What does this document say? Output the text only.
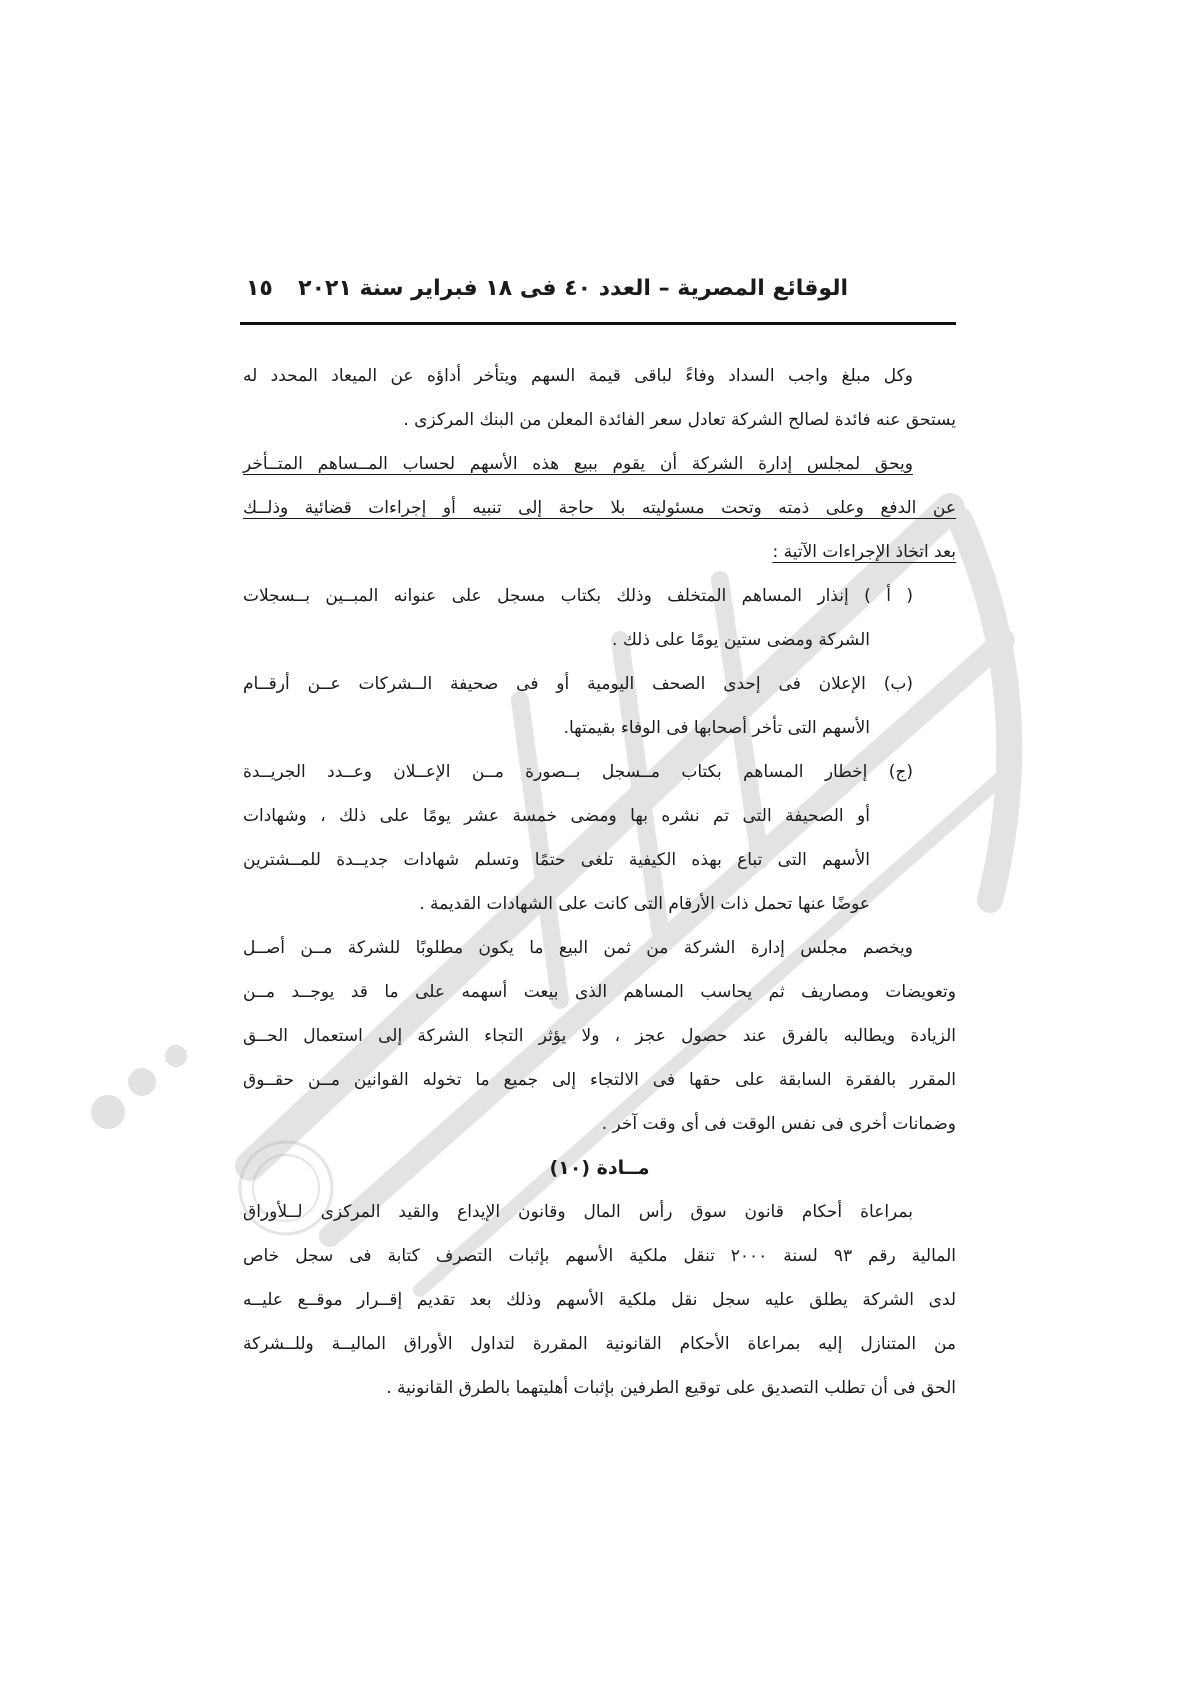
الوقائع المصرية – العدد ٤٠ فى ١٨ فبراير سنة ٢٠٢١
١٥
وكل مبلغ واجب السداد وفاءً لباقى قيمة السهم ويتأخر أداؤه عن الميعاد المحدد له
يستحق عنه فائدة لصالح الشركة تعادل سعر الفائدة المعلن من البنك المركزى .
ويحق لمجلس إدارة الشركة أن يقوم ببيع هذه الأسهم لحساب المــساهم المتــأخر
عن الدفع وعلى ذمته وتحت مسئوليته بلا حاجة إلى تنبيه أو إجراءات قضائية وذلــك
بعد اتخاذ الإجراءات الآتية :
( أ ) إنذار المساهم المتخلف وذلك بكتاب مسجل على عنوانه المبــين بــسجلات
الشركة ومضى ستين يومًا على ذلك .
(ب) الإعلان فى إحدى الصحف اليومية أو فى صحيفة الــشركات عــن أرقــام
الأسهم التى تأخر أصحابها فى الوفاء بقيمتها.
(ج) إخطار المساهم بكتاب مــسجل بــصورة مــن الإعــلان وعــدد الجريــدة
أو الصحيفة التى تم نشره بها ومضى خمسة عشر يومًا على ذلك ، وشهادات
الأسهم التى تباع بهذه الكيفية تلغى حتمًا وتسلم شهادات جديــدة للمــشترين
عوضًا عنها تحمل ذات الأرقام التى كانت على الشهادات القديمة .
ويخصم مجلس إدارة الشركة من ثمن البيع ما يكون مطلوبًا للشركة مــن أصــل
وتعويضات ومصاريف ثم يحاسب المساهم الذى بيعت أسهمه على ما قد يوجــد مــن
الزيادة ويطالبه بالفرق عند حصول عجز ، ولا يؤثر التجاء الشركة إلى استعمال الحــق
المقرر بالفقرة السابقة على حقها فى الالتجاء إلى جميع ما تخوله القوانين مــن حقــوق
وضمانات أخرى فى نفس الوقت فى أى وقت آخر .
مــادة (١٠)
بمراعاة أحكام قانون سوق رأس المال وقانون الإيداع والقيد المركزى لــلأوراق
المالية رقم ٩٣ لسنة ٢٠٠٠ تنقل ملكية الأسهم بإثبات التصرف كتابة فى سجل خاص
لدى الشركة يطلق عليه سجل نقل ملكية الأسهم وذلك بعد تقديم إقــرار موقــع عليــه
من المتنازل إليه بمراعاة الأحكام القانونية المقررة لتداول الأوراق الماليــة وللــشركة
الحق فى أن تطلب التصديق على توقيع الطرفين بإثبات أهليتهما بالطرق القانونية .
